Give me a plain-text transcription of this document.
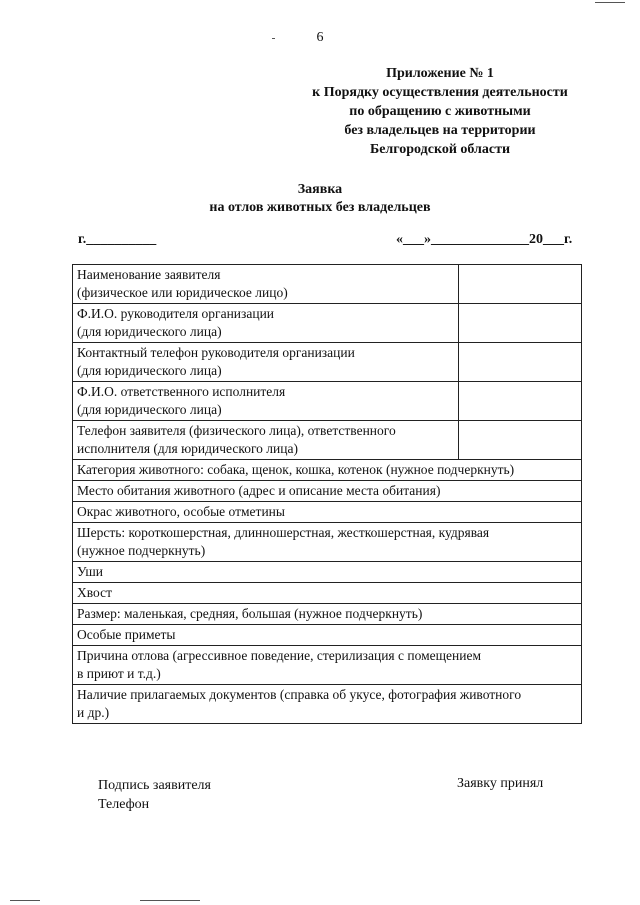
6
Приложение № 1
к Порядку осуществления деятельности
по обращению с животными
без владельцев на территории
Белгородской области
Заявка
на отлов животных без владельцев
г.__________	«___»______________20___г.
Наименование заявителя
(физическое или юридическое лицо)	
Ф.И.О. руководителя организации
(для юридического лица)	
Контактный телефон руководителя организации
(для юридического лица)	
Ф.И.О. ответственного исполнителя
(для юридического лица)	
Телефон заявителя (физического лица), ответственного
исполнителя (для юридического лица)	
Категория животного: собака, щенок, кошка, котенок (нужное подчеркнуть)	
Место обитания животного (адрес и описание места обитания)	
Окрас животного, особые отметины	
Шерсть: короткошерстная, длинношерстная, жесткошерстная, кудрявая
(нужное подчеркнуть)	
Уши	
Хвост	
Размер: маленькая, средняя, большая (нужное подчеркнуть)	
Особые приметы	
Причина отлова (агрессивное поведение, стерилизация с помещением
в приют и т.д.)	
Наличие прилагаемых документов (справка об укусе, фотография животного
и др.)	
Подпись заявителя
Телефон
Заявку принял
